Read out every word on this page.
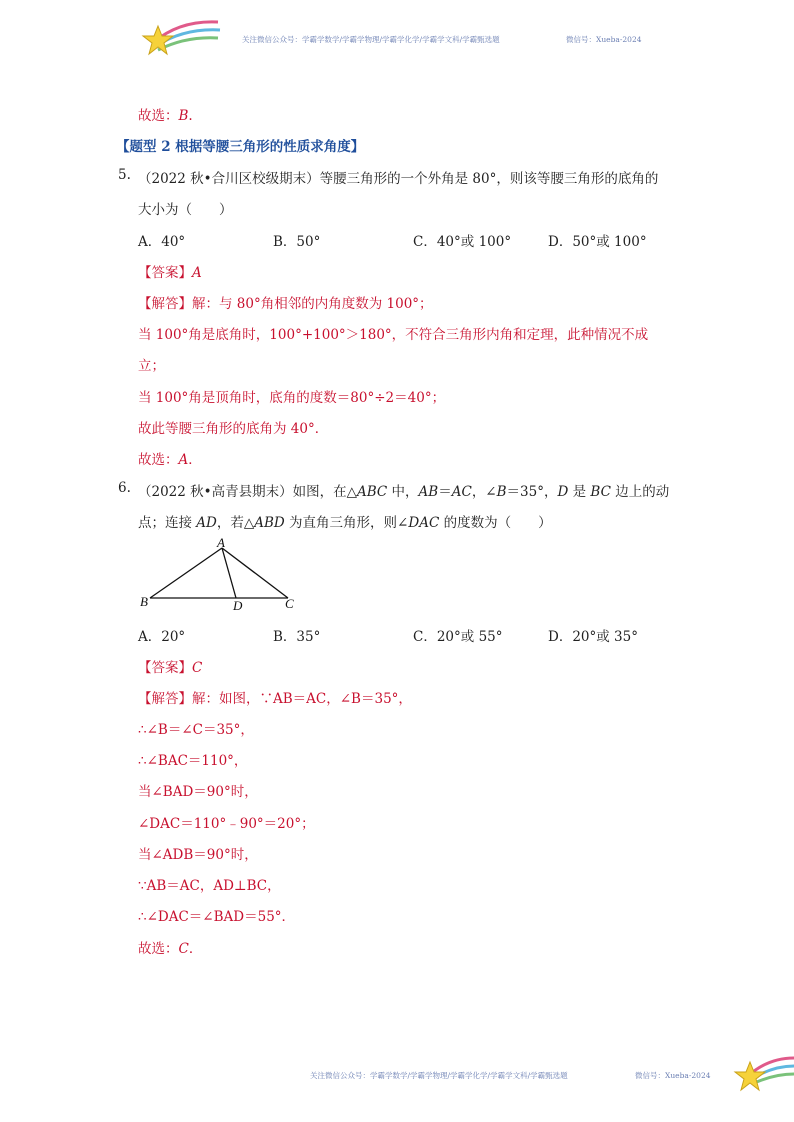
关注微信公众号：学霸学数学/学霸学物理/学霸学化学/学霸学文科/学霸甄选题	微信号：Xueba-2024
故选：B.
【题型 2 根据等腰三角形的性质求角度】
5. （2022 秋•合川区校级期末）等腰三角形的一个外角是 80°，则该等腰三角形的底角的
大小为（　　）
A．40°	B．50°	C．40°或 100°	D．50°或 100°
【答案】A
【解答】解：与 80°角相邻的内角度数为 100°；
当 100°角是底角时，100°+100°＞180°，不符合三角形内角和定理，此种情况不成
立；
当 100°角是顶角时，底角的度数＝80°÷2＝40°；
故此等腰三角形的底角为 40°．
故选：A．
6. （2022 秋•高青县期末）如图，在△ABC 中，AB＝AC，∠B＝35°，D 是 BC 边上的动
点；连接 AD，若△ABD 为直角三角形，则∠DAC 的度数为（　　）
A
B	D	C
A．20°	B．35°	C．20°或 55°	D．20°或 35°
【答案】C
【解答】解：如图，∵AB＝AC，∠B＝35°，
∴∠B＝∠C＝35°，
∴∠BAC＝110°，
当∠BAD＝90°时，
∠DAC＝110°﹣90°＝20°；
当∠ADB＝90°时，
∵AB＝AC，AD⊥BC，
∴∠DAC＝∠BAD＝55°．
故选：C．
关注微信公众号：学霸学数学/学霸学物理/学霸学化学/学霸学文科/学霸甄选题	微信号：Xueba-2024
